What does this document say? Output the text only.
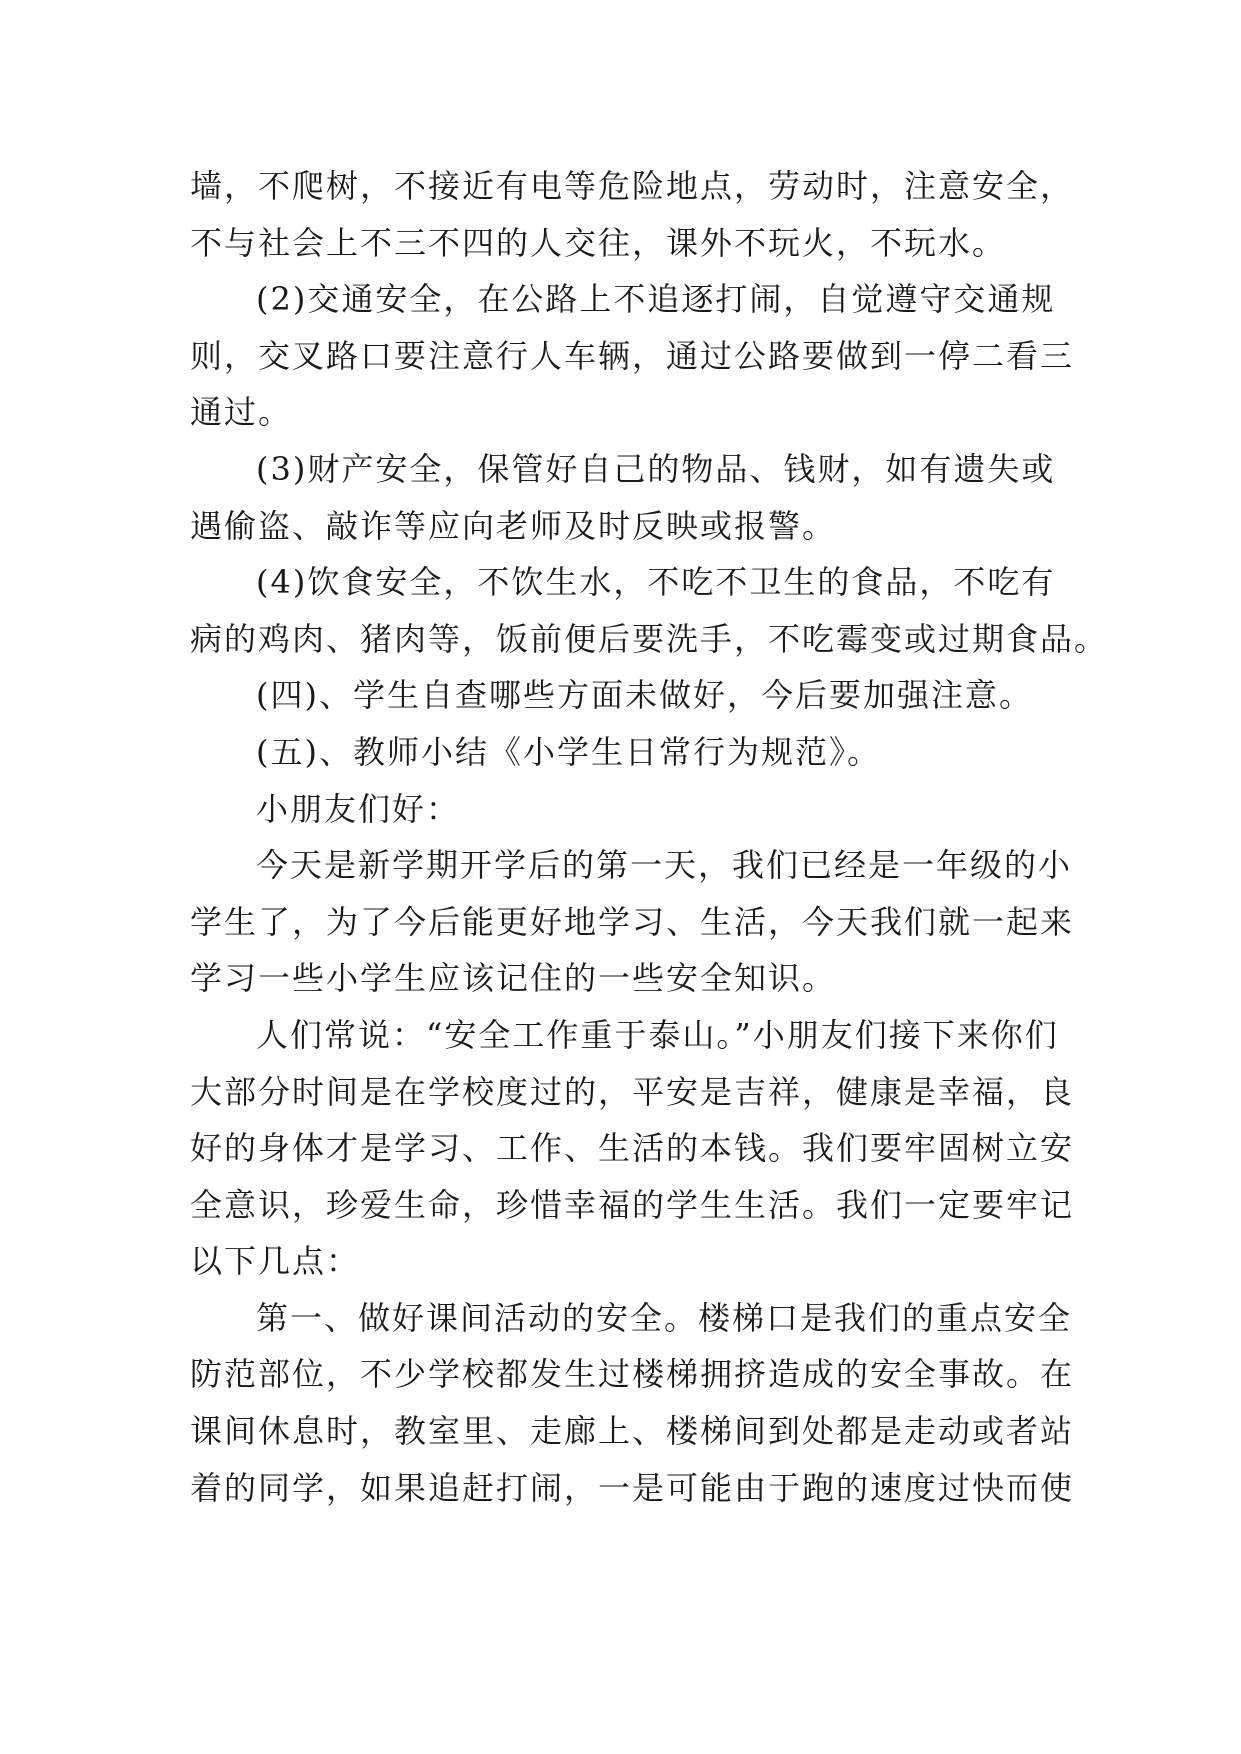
墙，不爬树，不接近有电等危险地点，劳动时，注意安全，
不与社会上不三不四的人交往，课外不玩火，不玩水。
(2)交通安全，在公路上不追逐打闹，自觉遵守交通规
则，交叉路口要注意行人车辆，通过公路要做到一停二看三
通过。
(3)财产安全，保管好自己的物品、钱财，如有遗失或
遇偷盗、敲诈等应向老师及时反映或报警。
(4)饮食安全，不饮生水，不吃不卫生的食品，不吃有
病的鸡肉、猪肉等，饭前便后要洗手，不吃霉变或过期食品。
(四)、学生自查哪些方面未做好，今后要加强注意。
(五)、教师小结《小学生日常行为规范》。
小朋友们好：
今天是新学期开学后的第一天，我们已经是一年级的小
学生了，为了今后能更好地学习、生活，今天我们就一起来
学习一些小学生应该记住的一些安全知识。
人们常说：“安全工作重于泰山。”小朋友们接下来你们
大部分时间是在学校度过的，平安是吉祥，健康是幸福，良
好的身体才是学习、工作、生活的本钱。我们要牢固树立安
全意识，珍爱生命，珍惜幸福的学生生活。我们一定要牢记
以下几点：
第一、做好课间活动的安全。楼梯口是我们的重点安全
防范部位，不少学校都发生过楼梯拥挤造成的安全事故。在
课间休息时，教室里、走廊上、楼梯间到处都是走动或者站
着的同学，如果追赶打闹，一是可能由于跑的速度过快而使
